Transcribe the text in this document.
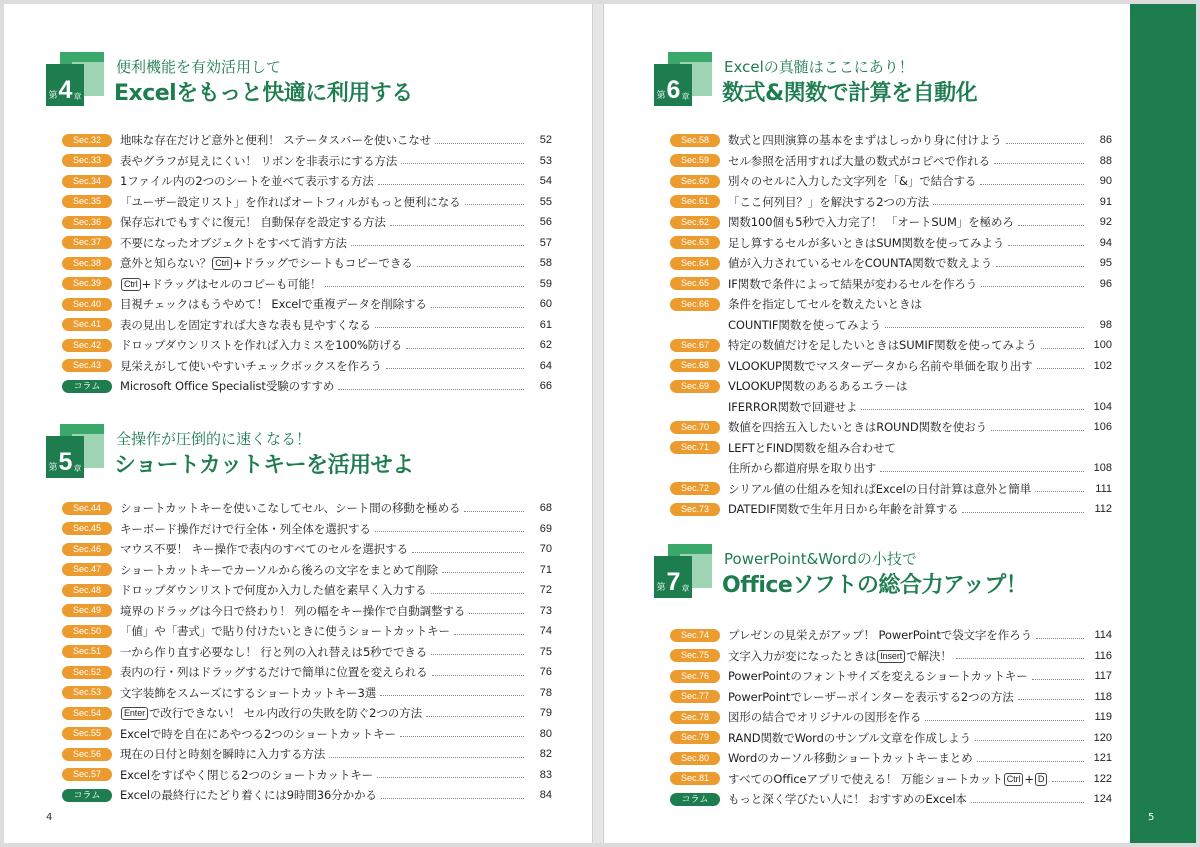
第 4 章
便利機能を有効活用して
Excelをもっと快適に利用する
Sec.32	地味な存在だけど意外と便利！ ステータスバーを使いこなせ	52
Sec.33	表やグラフが見えにくい！ リボンを非表示にする方法	53
Sec.34	1ファイル内の2つのシートを並べて表示する方法	54
Sec.35	「ユーザー設定リスト」を作ればオートフィルがもっと便利になる	55
Sec.36	保存忘れでもすぐに復元！ 自動保存を設定する方法	56
Sec.37	不要になったオブジェクトをすべて消す方法	57
Sec.38	意外と知らない？ Ctrl +ドラッグでシートもコピーできる	58
Sec.39	Ctrl +ドラッグはセルのコピーも可能！	59
Sec.40	目視チェックはもうやめて！ Excelで重複データを削除する	60
Sec.41	表の見出しを固定すれば大きな表も見やすくなる	61
Sec.42	ドロップダウンリストを作れば入力ミスを100%防げる	62
Sec.43	見栄えがして使いやすいチェックボックスを作ろう	64
コラム	Microsoft Office Specialist受験のすすめ	66
第 5 章
全操作が圧倒的に速くなる！
ショートカットキーを活用せよ
Sec.44	ショートカットキーを使いこなしてセル、シート間の移動を極める	68
Sec.45	キーボード操作だけで行全体・列全体を選択する	69
Sec.46	マウス不要！ キー操作で表内のすべてのセルを選択する	70
Sec.47	ショートカットキーでカーソルから後ろの文字をまとめて削除	71
Sec.48	ドロップダウンリストで何度か入力した値を素早く入力する	72
Sec.49	境界のドラッグは今日で終わり！ 列の幅をキー操作で自動調整する	73
Sec.50	「値」や「書式」で貼り付けたいときに使うショートカットキー	74
Sec.51	一から作り直す必要なし！ 行と列の入れ替えは5秒でできる	75
Sec.52	表内の行・列はドラッグするだけで簡単に位置を変えられる	76
Sec.53	文字装飾をスムーズにするショートカットキー3選	78
Sec.54	Enter で改行できない！ セル内改行の失敗を防ぐ2つの方法	79
Sec.55	Excelで時を自在にあやつる2つのショートカットキー	80
Sec.56	現在の日付と時刻を瞬時に入力する方法	82
Sec.57	Excelをすばやく閉じる2つのショートカットキー	83
コラム	Excelの最終行にたどり着くには9時間36分かかる	84
4
第 6 章
Excelの真髄はここにあり！
数式&関数で計算を自動化
Sec.58	数式と四則演算の基本をまずはしっかり身に付けよう	86
Sec.59	セル参照を活用すれば大量の数式がコピペで作れる	88
Sec.60	別々のセルに入力した文字列を「&」で結合する	90
Sec.61	「ここ何列目？」を解決する2つの方法	91
Sec.62	関数100個も5秒で入力完了！ 「オートSUM」を極めろ	92
Sec.63	足し算するセルが多いときはSUM関数を使ってみよう	94
Sec.64	値が入力されているセルをCOUNTA関数で数えよう	95
Sec.65	IF関数で条件によって結果が変わるセルを作ろう	96
Sec.66	条件を指定してセルを数えたいときは
COUNTIF関数を使ってみよう	98
Sec.67	特定の数値だけを足したいときはSUMIF関数を使ってみよう	100
Sec.68	VLOOKUP関数でマスターデータから名前や単価を取り出す	102
Sec.69	VLOOKUP関数のあるあるエラーは
IFERROR関数で回避せよ	104
Sec.70	数値を四捨五入したいときはROUND関数を使おう	106
Sec.71	LEFTとFIND関数を組み合わせて
住所から都道府県を取り出す	108
Sec.72	シリアル値の仕組みを知ればExcelの日付計算は意外と簡単	111
Sec.73	DATEDIF関数で生年月日から年齢を計算する	112
第 7 章
PowerPoint&Wordの小技で
Officeソフトの総合力アップ！
Sec.74	プレゼンの見栄えがアップ！ PowerPointで袋文字を作ろう	114
Sec.75	文字入力が変になったときは Insert で解決！	116
Sec.76	PowerPointのフォントサイズを変えるショートカットキー	117
Sec.77	PowerPointでレーザーポインターを表示する2つの方法	118
Sec.78	図形の結合でオリジナルの図形を作る	119
Sec.79	RAND関数でWordのサンプル文章を作成しよう	120
Sec.80	Wordのカーソル移動ショートカットキーまとめ	121
Sec.81	すべてのOfficeアプリで使える！ 万能ショートカット Ctrl + D	122
コラム	もっと深く学びたい人に！ おすすめのExcel本	124
5
